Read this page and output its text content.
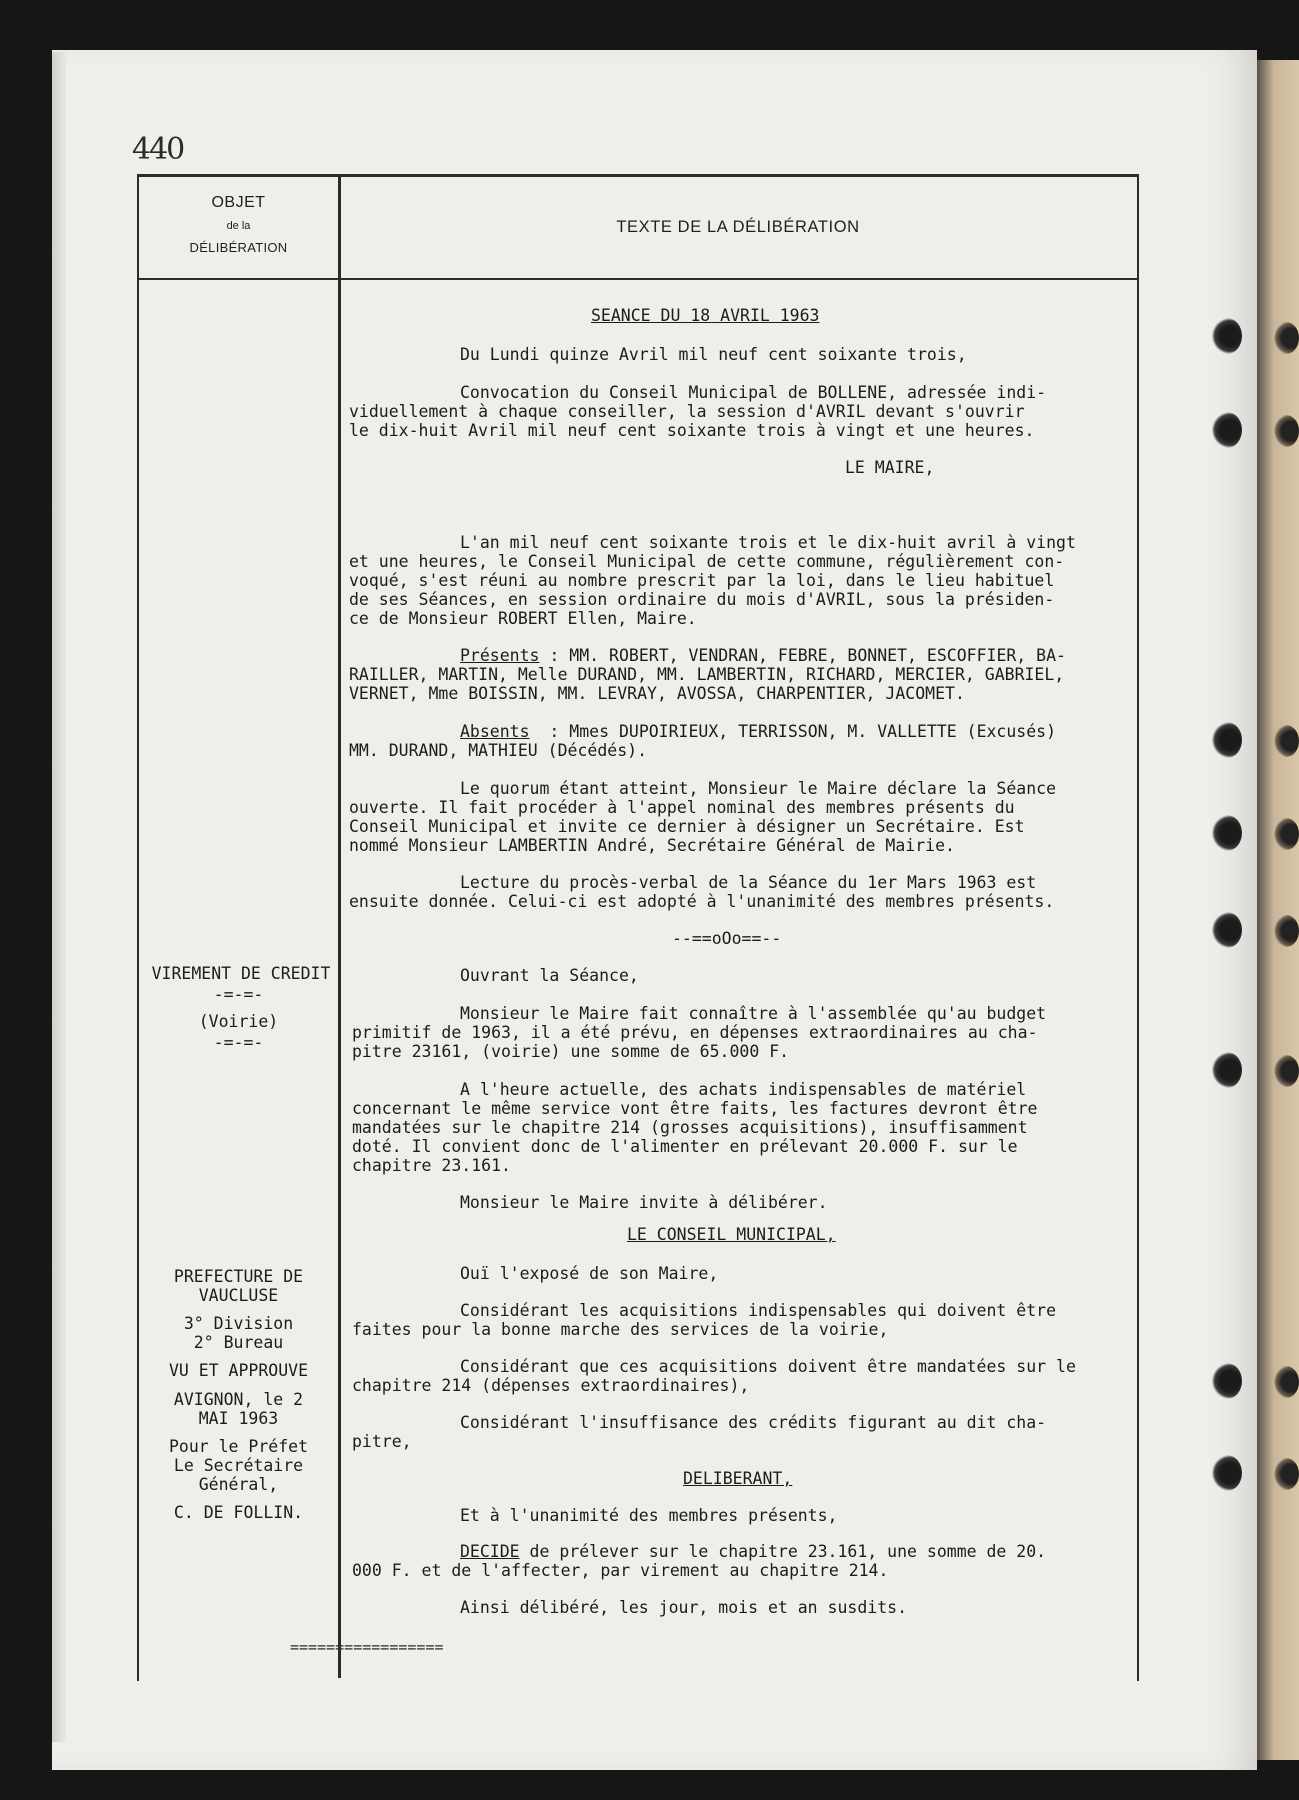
440
OBJET
de la
DÉLIBÉRATION
TEXTE DE LA DÉLIBÉRATION
VIREMENT DE CREDIT
-=-=-
(Voirie)
-=-=-
PREFECTURE DE
VAUCLUSE
3° Division
2° Bureau
VU ET APPROUVE
AVIGNON, le 2
MAI 1963
Pour le Préfet
Le Secrétaire
Général,
C. DE FOLLIN.
SEANCE DU 18 AVRIL 1963
Du Lundi quinze Avril mil neuf cent soixante trois,
Convocation du Conseil Municipal de BOLLENE, adressée indi-
viduellement à chaque conseiller, la session d'AVRIL devant s'ouvrir
le dix-huit Avril mil neuf cent soixante trois à vingt et une heures.
LE MAIRE,
L'an mil neuf cent soixante trois et le dix-huit avril à vingt
et une heures, le Conseil Municipal de cette commune, régulièrement con-
voqué, s'est réuni au nombre prescrit par la loi, dans le lieu habituel
de ses Séances, en session ordinaire du mois d'AVRIL, sous la présiden-
ce de Monsieur ROBERT Ellen, Maire.
Présents : MM. ROBERT, VENDRAN, FEBRE, BONNET, ESCOFFIER, BA-
RAILLER, MARTIN, Melle DURAND, MM. LAMBERTIN, RICHARD, MERCIER, GABRIEL,
VERNET, Mme BOISSIN, MM. LEVRAY, AVOSSA, CHARPENTIER, JACOMET.
Absents  : Mmes DUPOIRIEUX, TERRISSON, M. VALLETTE (Excusés)
MM. DURAND, MATHIEU (Décédés).
Le quorum étant atteint, Monsieur le Maire déclare la Séance
ouverte. Il fait procéder à l'appel nominal des membres présents du
Conseil Municipal et invite ce dernier à désigner un Secrétaire. Est
nommé Monsieur LAMBERTIN André, Secrétaire Général de Mairie.
Lecture du procès-verbal de la Séance du 1er Mars 1963 est
ensuite donnée. Celui-ci est adopté à l'unanimité des membres présents.
--==oOo==--
Ouvrant la Séance,
Monsieur le Maire fait connaître à l'assemblée qu'au budget
primitif de 1963, il a été prévu, en dépenses extraordinaires au cha-
pitre 23161, (voirie) une somme de 65.000 F.
A l'heure actuelle, des achats indispensables de matériel
concernant le même service vont être faits, les factures devront être
mandatées sur le chapitre 214 (grosses acquisitions), insuffisamment
doté. Il convient donc de l'alimenter en prélevant 20.000 F. sur le
chapitre 23.161.
Monsieur le Maire invite à délibérer.
LE CONSEIL MUNICIPAL,
Ouï l'exposé de son Maire,
Considérant les acquisitions indispensables qui doivent être
faites pour la bonne marche des services de la voirie,
Considérant que ces acquisitions doivent être mandatées sur le
chapitre 214 (dépenses extraordinaires),
Considérant l'insuffisance des crédits figurant au dit cha-
pitre,
DELIBERANT,
Et à l'unanimité des membres présents,
DECIDE de prélever sur le chapitre 23.161, une somme de 20.
000 F. et de l'affecter, par virement au chapitre 214.
Ainsi délibéré, les jour, mois et an susdits.
=================
